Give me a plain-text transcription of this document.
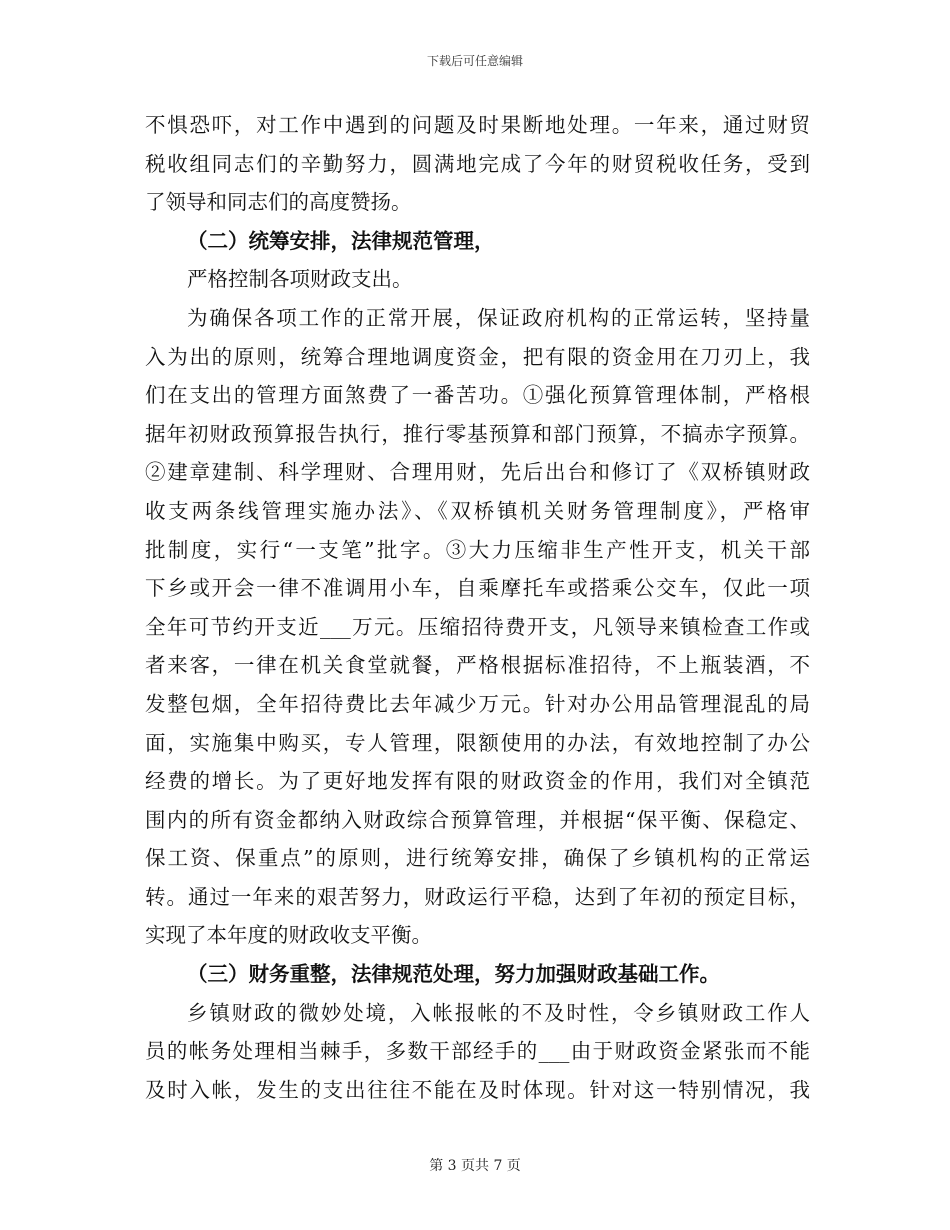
下载后可任意编辑
不惧恐吓，对工作中遇到的问题及时果断地处理。一年来，通过财贸
税收组同志们的辛勤努力，圆满地完成了今年的财贸税收任务，受到
了领导和同志们的高度赞扬。
（二）统筹安排，法律规范管理，
严格控制各项财政支出。
为确保各项工作的正常开展，保证政府机构的正常运转，坚持量
入为出的原则，统筹合理地调度资金，把有限的资金用在刀刃上，我
们在支出的管理方面煞费了一番苦功。①强化预算管理体制，严格根
据年初财政预算报告执行，推行零基预算和部门预算，不搞赤字预算。
②建章建制、科学理财、合理用财，先后出台和修订了《双桥镇财政
收支两条线管理实施办法》、《双桥镇机关财务管理制度》，严格审
批制度，实行“一支笔”批字。③大力压缩非生产性开支，机关干部
下乡或开会一律不准调用小车，自乘摩托车或搭乘公交车，仅此一项
全年可节约开支近___万元。压缩招待费开支，凡领导来镇检查工作或
者来客，一律在机关食堂就餐，严格根据标准招待，不上瓶装酒，不
发整包烟，全年招待费比去年减少万元。针对办公用品管理混乱的局
面，实施集中购买，专人管理，限额使用的办法，有效地控制了办公
经费的增长。为了更好地发挥有限的财政资金的作用，我们对全镇范
围内的所有资金都纳入财政综合预算管理，并根据“保平衡、保稳定、
保工资、保重点”的原则，进行统筹安排，确保了乡镇机构的正常运
转。通过一年来的艰苦努力，财政运行平稳，达到了年初的预定目标，
实现了本年度的财政收支平衡。
（三）财务重整，法律规范处理，努力加强财政基础工作。
乡镇财政的微妙处境，入帐报帐的不及时性，令乡镇财政工作人
员的帐务处理相当棘手，多数干部经手的___由于财政资金紧张而不能
及时入帐，发生的支出往往不能在及时体现。针对这一特别情况，我
第 3 页共 7 页
